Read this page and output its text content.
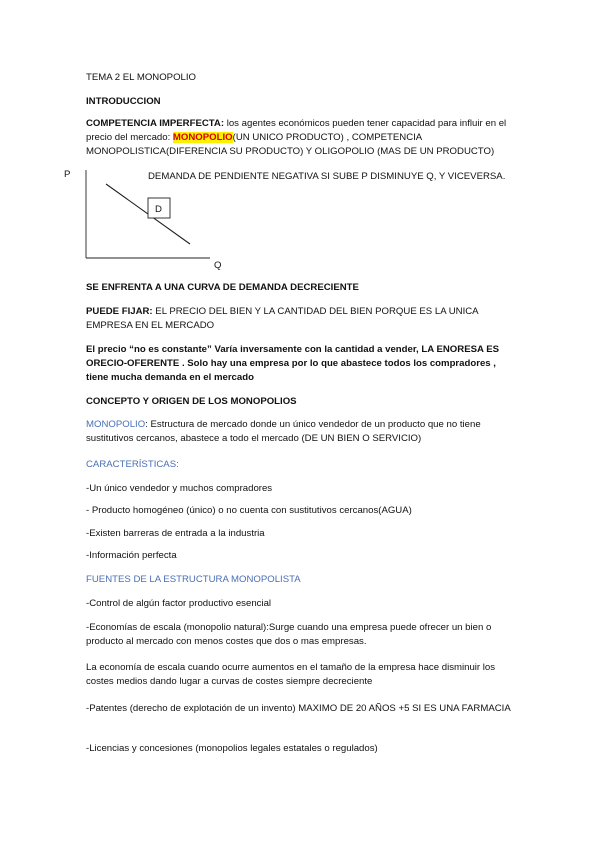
TEMA 2 EL MONOPOLIO
INTRODUCCION
COMPETENCIA IMPERFECTA: los agentes económicos pueden tener capacidad para influir en el precio del mercado: MONOPOLIO(UN UNICO PRODUCTO) , COMPETENCIA MONOPOLISTICA(DIFERENCIA SU PRODUCTO) Y OLIGOPOLIO (MAS DE UN PRODUCTO)
P
Q
D
DEMANDA DE PENDIENTE NEGATIVA SI SUBE P DISMINUYE Q, Y VICEVERSA.
SE ENFRENTA A UNA CURVA DE DEMANDA DECRECIENTE
PUEDE FIJAR: EL PRECIO DEL BIEN Y LA CANTIDAD DEL BIEN PORQUE ES LA UNICA EMPRESA EN EL MERCADO
El precio “no es constante” Varía inversamente con la cantidad a vender, LA ENORESA ES ORECIO-OFERENTE . Solo hay una empresa por lo que abastece todos los compradores , tiene mucha demanda en el mercado
CONCEPTO Y ORIGEN DE LOS MONOPOLIOS
MONOPOLIO: Estructura de mercado donde un único vendedor de un producto que no tiene sustitutivos cercanos, abastece a todo el mercado (DE UN BIEN O SERVICIO)
CARACTERÍSTICAS:
-Un único vendedor y muchos compradores
- Producto homogéneo (único) o no cuenta con sustitutivos cercanos(AGUA)
-Existen barreras de entrada a la industria
-Información perfecta
FUENTES DE LA ESTRUCTURA MONOPOLISTA
-Control de algún factor productivo esencial
-Economías de escala (monopolio natural):Surge cuando una empresa puede ofrecer un bien o producto al mercado con menos costes que dos o mas empresas.
La economía de escala cuando ocurre aumentos en el tamaño de la empresa hace disminuir los costes medios dando lugar a curvas de costes siempre decreciente
-Patentes (derecho de explotación de un invento) MAXIMO DE 20 AÑOS +5 SI ES UNA FARMACIA
-Licencias y concesiones (monopolios legales estatales o regulados)
